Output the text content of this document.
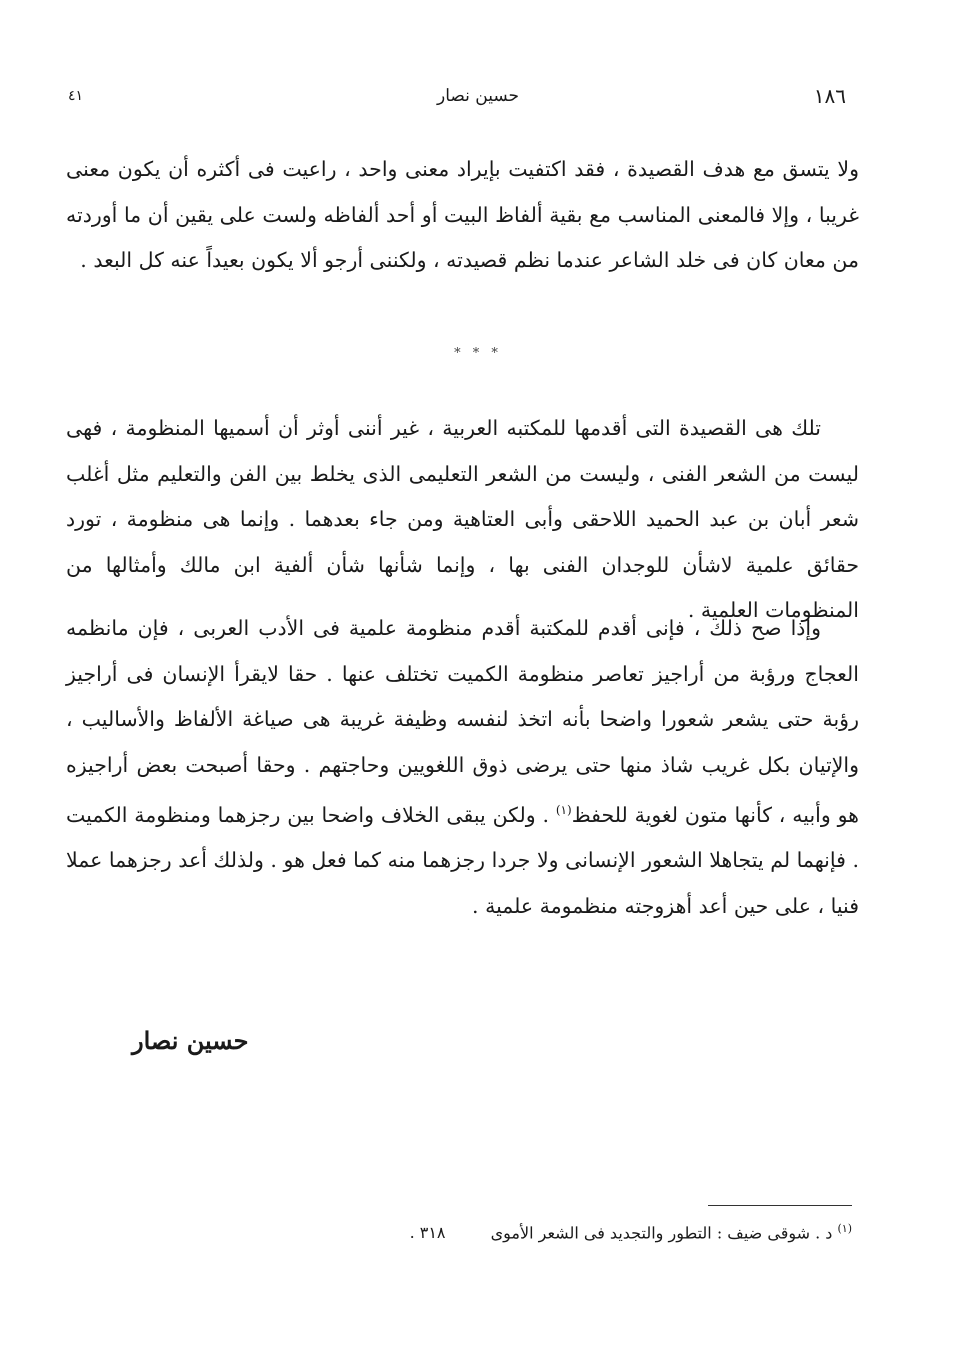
١٨٦
حسين نصار
٤١

ولا يتسق مع هدف القصيدة ، فقد اكتفيت بإيراد معنى واحد ، راعيت فى أكثره أن يكون معنى غريبا ، وإلا فالمعنى المناسب مع بقية ألفاظ البيت أو أحد ألفاظه ولست على يقين أن ما أوردته من معان كان فى خلد الشاعر عندما نظم قصيدته ، ولكننى أرجو ألا يكون بعيداً عنه كل البعد .

* * *

تلك هى القصيدة التى أقدمها للمكتبه العربية ، غير أننى أوثر أن أسميها المنظومة ، فهى ليست من الشعر الفنى ، وليست من الشعر التعليمى الذى يخلط بين الفن والتعليم مثل أغلب شعر أبان بن عبد الحميد اللاحقى وأبى العتاهية ومن جاء بعدهما . وإنما هى منظومة ، تورد حقائق علمية لاشأن للوجدان الفنى بها ، وإنما شأنها شأن ألفية ابن مالك وأمثالها من المنظومات العلمية .

وإذا صح ذلك ، فإنى أقدم للمكتبة أقدم منظومة علمية فى الأدب العربى ، فإن مانظمه العجاج ورؤبة من أراجيز تعاصر منظومة الكميت تختلف عنها . حقا لايقرأ الإنسان فى أراجيز رؤبة حتى يشعر شعورا واضحا بأنه اتخذ لنفسه وظيفة غريبة هى صياغة الألفاظ والأساليب ، والإتيان بكل غريب شاذ منها حتى يرضى ذوق اللغويين وحاجتهم . وحقا أصبحت بعض أراجيزه هو وأبيه ، كأنها متون لغوية للحفظ$^{(١)}$ . ولكن يبقى الخلاف واضحا بين رجزهما ومنظومة الكميت . فإنهما لم يتجاهلا الشعور الإنسانى ولا جردا رجزهما منه كما فعل هو . ولذلك أعد رجزهما عملا فنيا ، على حين أعد أهزوجته منظمومة علمية .

حسين نصار
$^{(١)}$ د . شوقى ضيف : التطور والتجديد فى الشعر الأموى ٣١٨ .
